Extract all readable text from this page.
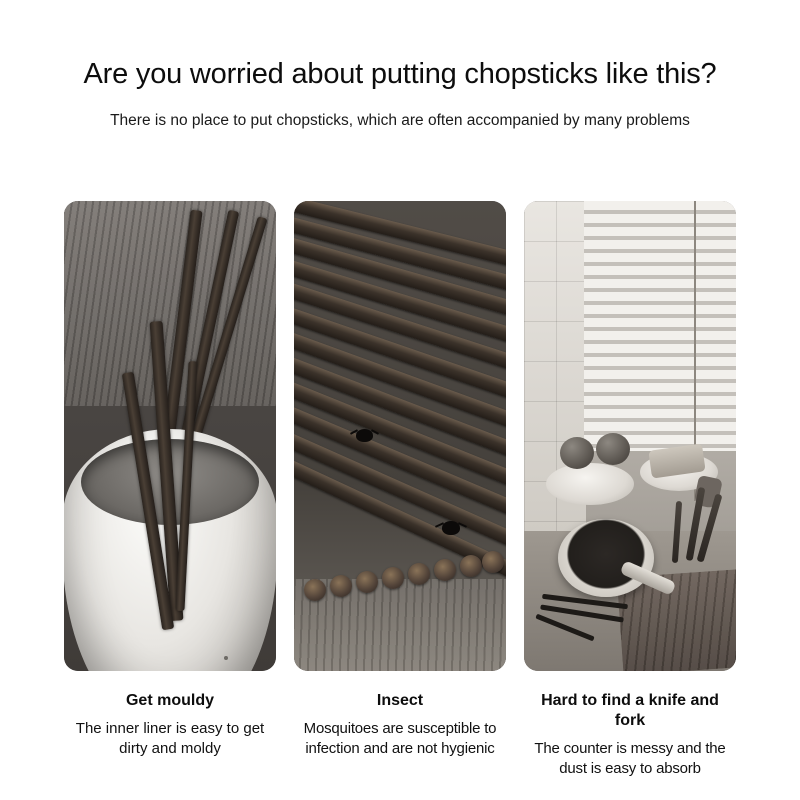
Are you worried about putting chopsticks like this?
There is no place to put chopsticks, which are often accompanied by many problems
Get mouldy
The inner liner is easy to get dirty and moldy
Insect
Mosquitoes are susceptible to infection and are not hygienic
Hard to find a knife and fork
The counter is messy and the dust is easy to absorb
